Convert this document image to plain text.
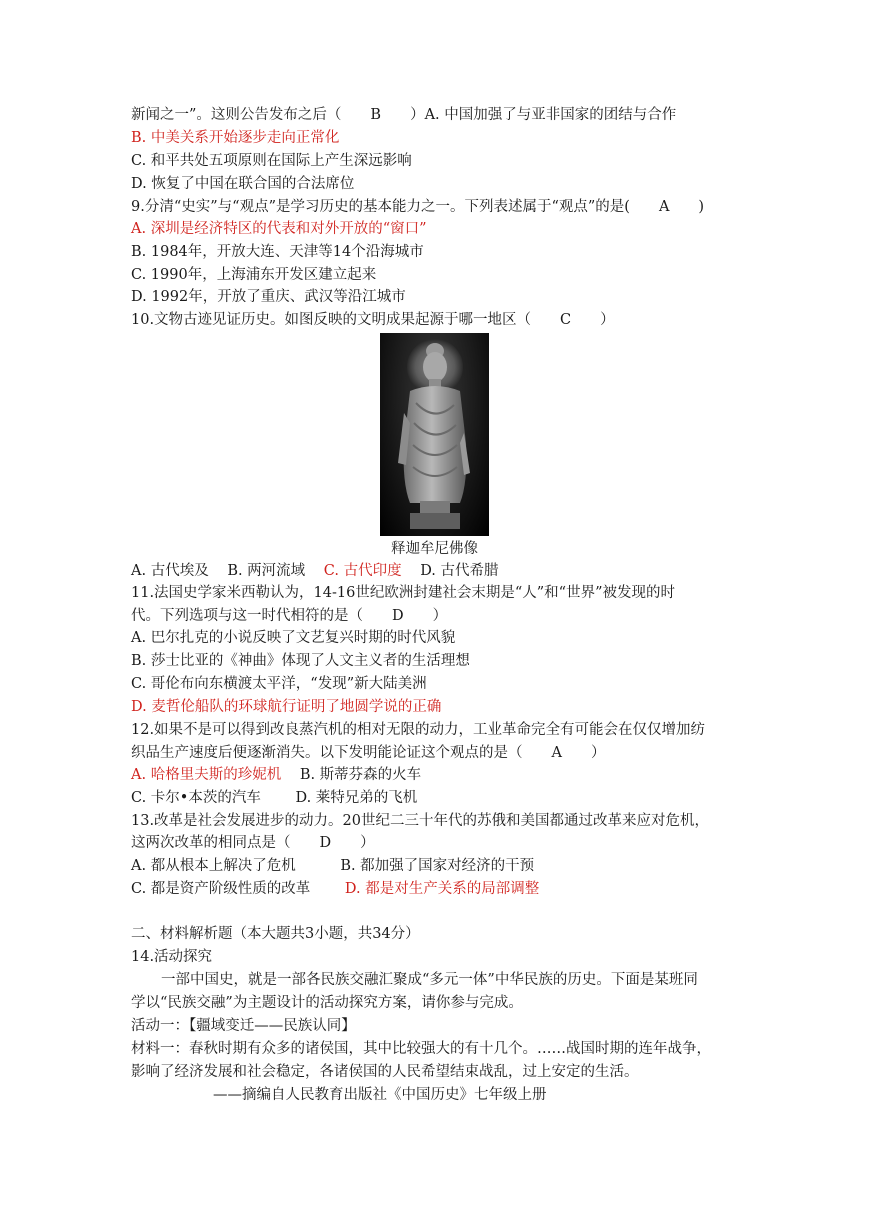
新闻之一”。这则公告发布之后（　　B　　）A. 中国加强了与亚非国家的团结与合作
B. 中美关系开始逐步走向正常化
C. 和平共处五项原则在国际上产生深远影响
D. 恢复了中国在联合国的合法席位
9.分清“史实”与“观点”是学习历史的基本能力之一。下列表述属于“观点”的是(　　A　　)
A. 深圳是经济特区的代表和对外开放的“窗口”
B. 1984年，开放大连、天津等14个沿海城市
C. 1990年，上海浦东开发区建立起来
D. 1992年，开放了重庆、武汉等沿江城市
10.文物古迹见证历史。如图反映的文明成果起源于哪一地区（　　C　　）
释迦牟尼佛像
A. 古代埃及 B. 两河流域 C. 古代印度 D. 古代希腊
11.法国史学家米西勒认为，14-16世纪欧洲封建社会末期是“人”和“世界”被发现的时
代。下列选项与这一时代相符的是（　　D　　）
A. 巴尔扎克的小说反映了文艺复兴时期的时代风貌
B. 莎士比亚的《神曲》体现了人文主义者的生活理想
C. 哥伦布向东横渡太平洋，“发现”新大陆美洲
D. 麦哲伦船队的环球航行证明了地圆学说的正确
12.如果不是可以得到改良蒸汽机的相对无限的动力，工业革命完全有可能会在仅仅增加纺
织品生产速度后便逐渐消失。以下发明能论证这个观点的是（　　A　　）
A. 哈格里夫斯的珍妮机 B. 斯蒂芬森的火车
C. 卡尔•本茨的汽车 D. 莱特兄弟的飞机
13.改革是社会发展进步的动力。20世纪二三十年代的苏俄和美国都通过改革来应对危机，
这两次改革的相同点是（　　D　　）
A. 都从根本上解决了危机	B. 都加强了国家对经济的干预
C. 都是资产阶级性质的改革 D. 都是对生产关系的局部调整
二、材料解析题（本大题共3小题，共34分）
14.活动探究
一部中国史，就是一部各民族交融汇聚成“多元一体”中华民族的历史。下面是某班同
学以“民族交融”为主题设计的活动探究方案，请你参与完成。
活动一：【疆域变迁——民族认同】
材料一：春秋时期有众多的诸侯国，其中比较强大的有十几个。……战国时期的连年战争，
影响了经济发展和社会稳定，各诸侯国的人民希望结束战乱，过上安定的生活。
——摘编自人民教育出版社《中国历史》七年级上册
